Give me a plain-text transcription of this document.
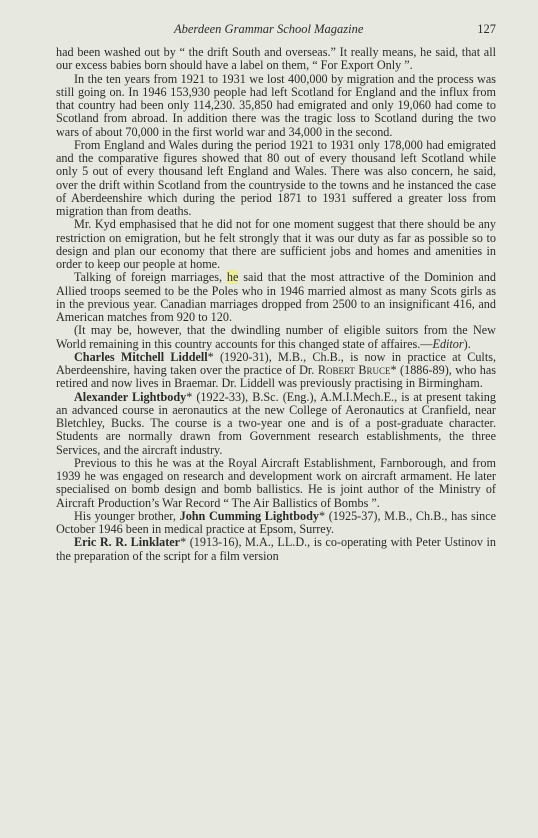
Aberdeen Grammar School Magazine	127

had been washed out by “ the drift South and overseas.” It really means, he said, that all our excess babies born should have a label on them, “ For Export Only ”.

In the ten years from 1921 to 1931 we lost 400,000 by migration and the process was still going on. In 1946 153,930 people had left Scotland for England and the influx from that country had been only 114,230. 35,850 had emigrated and only 19,060 had come to Scotland from abroad. In addition there was the tragic loss to Scotland during the two wars of about 70,000 in the first world war and 34,000 in the second.

From England and Wales during the period 1921 to 1931 only 178,000 had emigrated and the comparative figures showed that 80 out of every thousand left Scotland while only 5 out of every thousand left England and Wales. There was also concern, he said, over the drift within Scotland from the countryside to the towns and he instanced the case of Aberdeenshire which during the period 1871 to 1931 suffered a greater loss from migration than from deaths.

Mr. Kyd emphasised that he did not for one moment suggest that there should be any restriction on emigration, but he felt strongly that it was our duty as far as possible so to design and plan our economy that there are sufficient jobs and homes and amenities in order to keep our people at home.

Talking of foreign marriages, he said that the most attractive of the Dominion and Allied troops seemed to be the Poles who in 1946 married almost as many Scots girls as in the previous year. Canadian marriages dropped from 2500 to an insignificant 416, and American matches from 920 to 120.

(It may be, however, that the dwindling number of eligible suitors from the New World remaining in this country accounts for this changed state of affaires.—Editor).

Charles Mitchell Liddell* (1920-31), M.B., Ch.B., is now in practice at Cults, Aberdeenshire, having taken over the practice of Dr. Robert Bruce* (1886-89), who has retired and now lives in Braemar. Dr. Liddell was previously practising in Birmingham.

Alexander Lightbody* (1922-33), B.Sc. (Eng.), A.M.I.Mech.E., is at present taking an advanced course in aeronautics at the new College of Aeronautics at Cranfield, near Bletchley, Bucks. The course is a two-year one and is of a post-graduate character. Students are normally drawn from Government research establishments, the three Services, and the aircraft industry.

Previous to this he was at the Royal Aircraft Establishment, Farnborough, and from 1939 he was engaged on research and development work on aircraft armament. He later specialised on bomb design and bomb ballistics. He is joint author of the Ministry of Aircraft Production’s War Record “ The Air Ballistics of Bombs ”.

His younger brother, John Cumming Lightbody* (1925-37), M.B., Ch.B., has since October 1946 been in medical practice at Epsom, Surrey.

Eric R. R. Linklater* (1913-16), M.A., LL.D., is co-operating with Peter Ustinov in the preparation of the script for a film version
